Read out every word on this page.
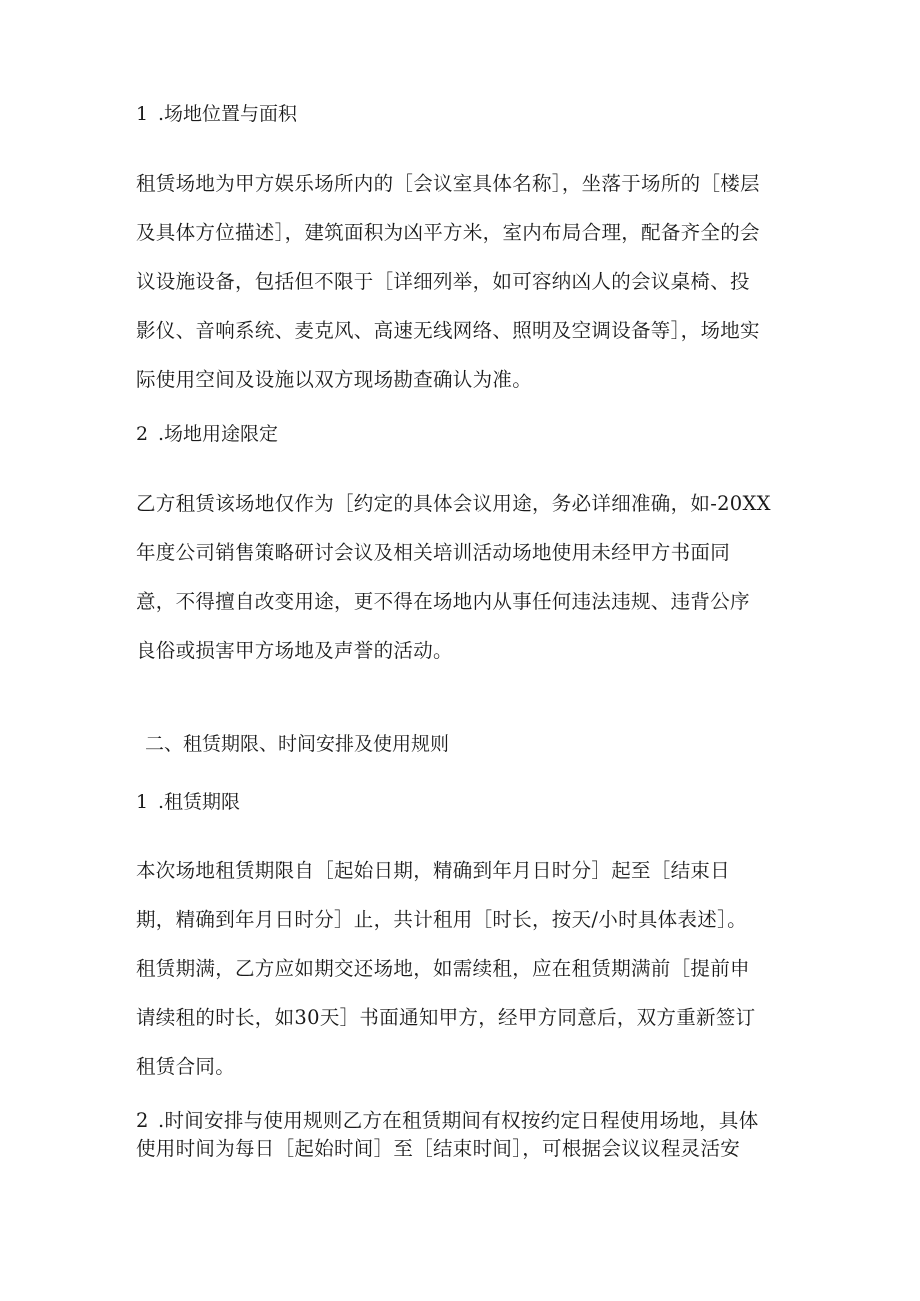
1 .场地位置与面积
租赁场地为甲方娱乐场所内的［会议室具体名称］，坐落于场所的［楼层
及具体方位描述］，建筑面积为凶平方米，室内布局合理，配备齐全的会
议设施设备，包括但不限于［详细列举，如可容纳凶人的会议桌椅、投
影仪、音响系统、麦克风、高速无线网络、照明及空调设备等］，场地实
际使用空间及设施以双方现场勘查确认为准。
2 .场地用途限定
乙方租赁该场地仅作为［约定的具体会议用途，务必详细准确，如-20XX
年度公司销售策略研讨会议及相关培训活动场地使用未经甲方书面同
意，不得擅自改变用途，更不得在场地内从事任何违法违规、违背公序
良俗或损害甲方场地及声誉的活动。
二、租赁期限、时间安排及使用规则
1 .租赁期限
本次场地租赁期限自［起始日期，精确到年月日时分］起至［结束日
期，精确到年月日时分］止，共计租用［时长，按天/小时具体表述］。
租赁期满，乙方应如期交还场地，如需续租，应在租赁期满前［提前申
请续租的时长，如30天］书面通知甲方，经甲方同意后，双方重新签订
租赁合同。
2 .时间安排与使用规则乙方在租赁期间有权按约定日程使用场地，具体
使用时间为每日［起始时间］至［结束时间］，可根据会议议程灵活安
